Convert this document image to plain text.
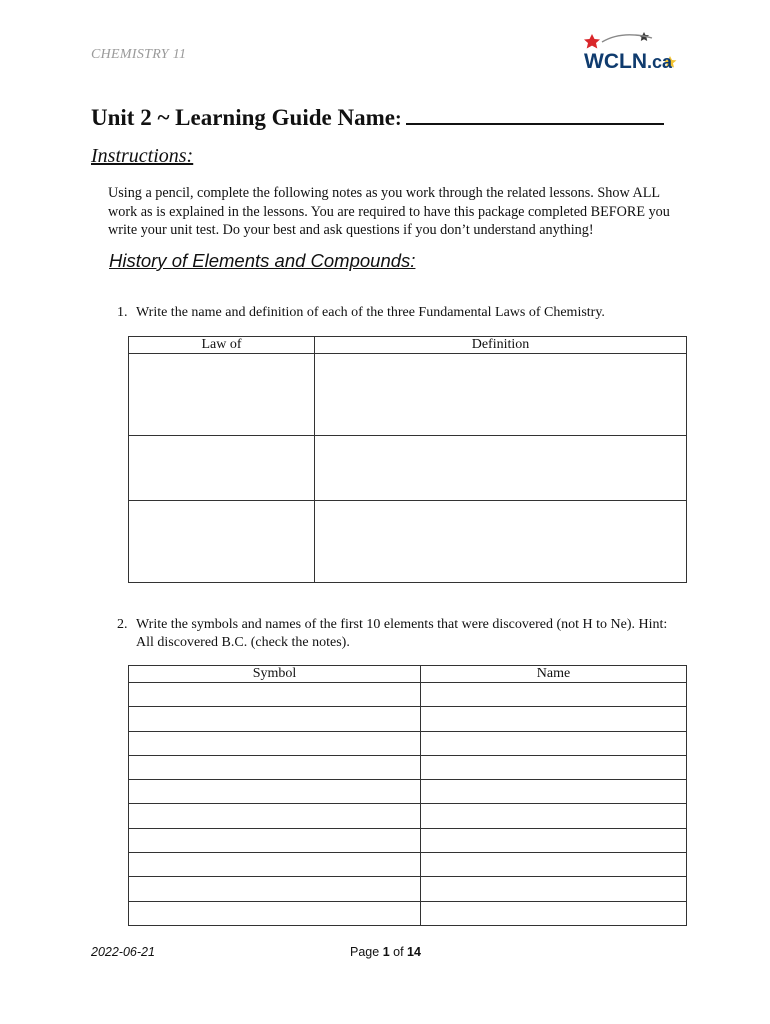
CHEMISTRY 11	WCLN.ca
Unit 2 ~ Learning Guide Name:
Instructions:
Using a pencil, complete the following notes as you work through the related lessons. Show ALL work as is explained in the lessons. You are required to have this package completed BEFORE you write your unit test. Do your best and ask questions if you don’t understand anything!
History of Elements and Compounds:
1. Write the name and definition of each of the three Fundamental Laws of Chemistry.
Law of	Definition

2. Write the symbols and names of the first 10 elements that were discovered (not H to Ne). Hint:
All discovered B.C. (check the notes).
Symbol	Name

2022-06-21	Page 1 of 14
